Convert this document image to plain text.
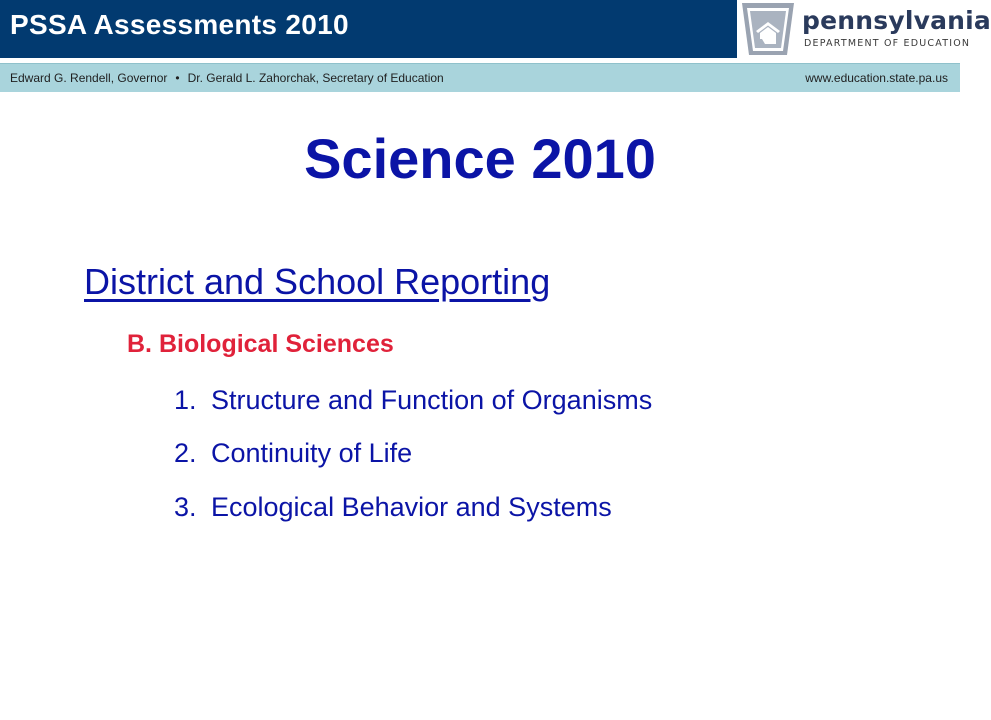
PSSA Assessments 2010	pennsylvania
DEPARTMENT OF EDUCATION
Edward G. Rendell, Governor • Dr. Gerald L. Zahorchak, Secretary of Education	www.education.state.pa.us
Science 2010
District and School Reporting
B. Biological Sciences
1. Structure and Function of Organisms
2. Continuity of Life
3. Ecological Behavior and Systems
